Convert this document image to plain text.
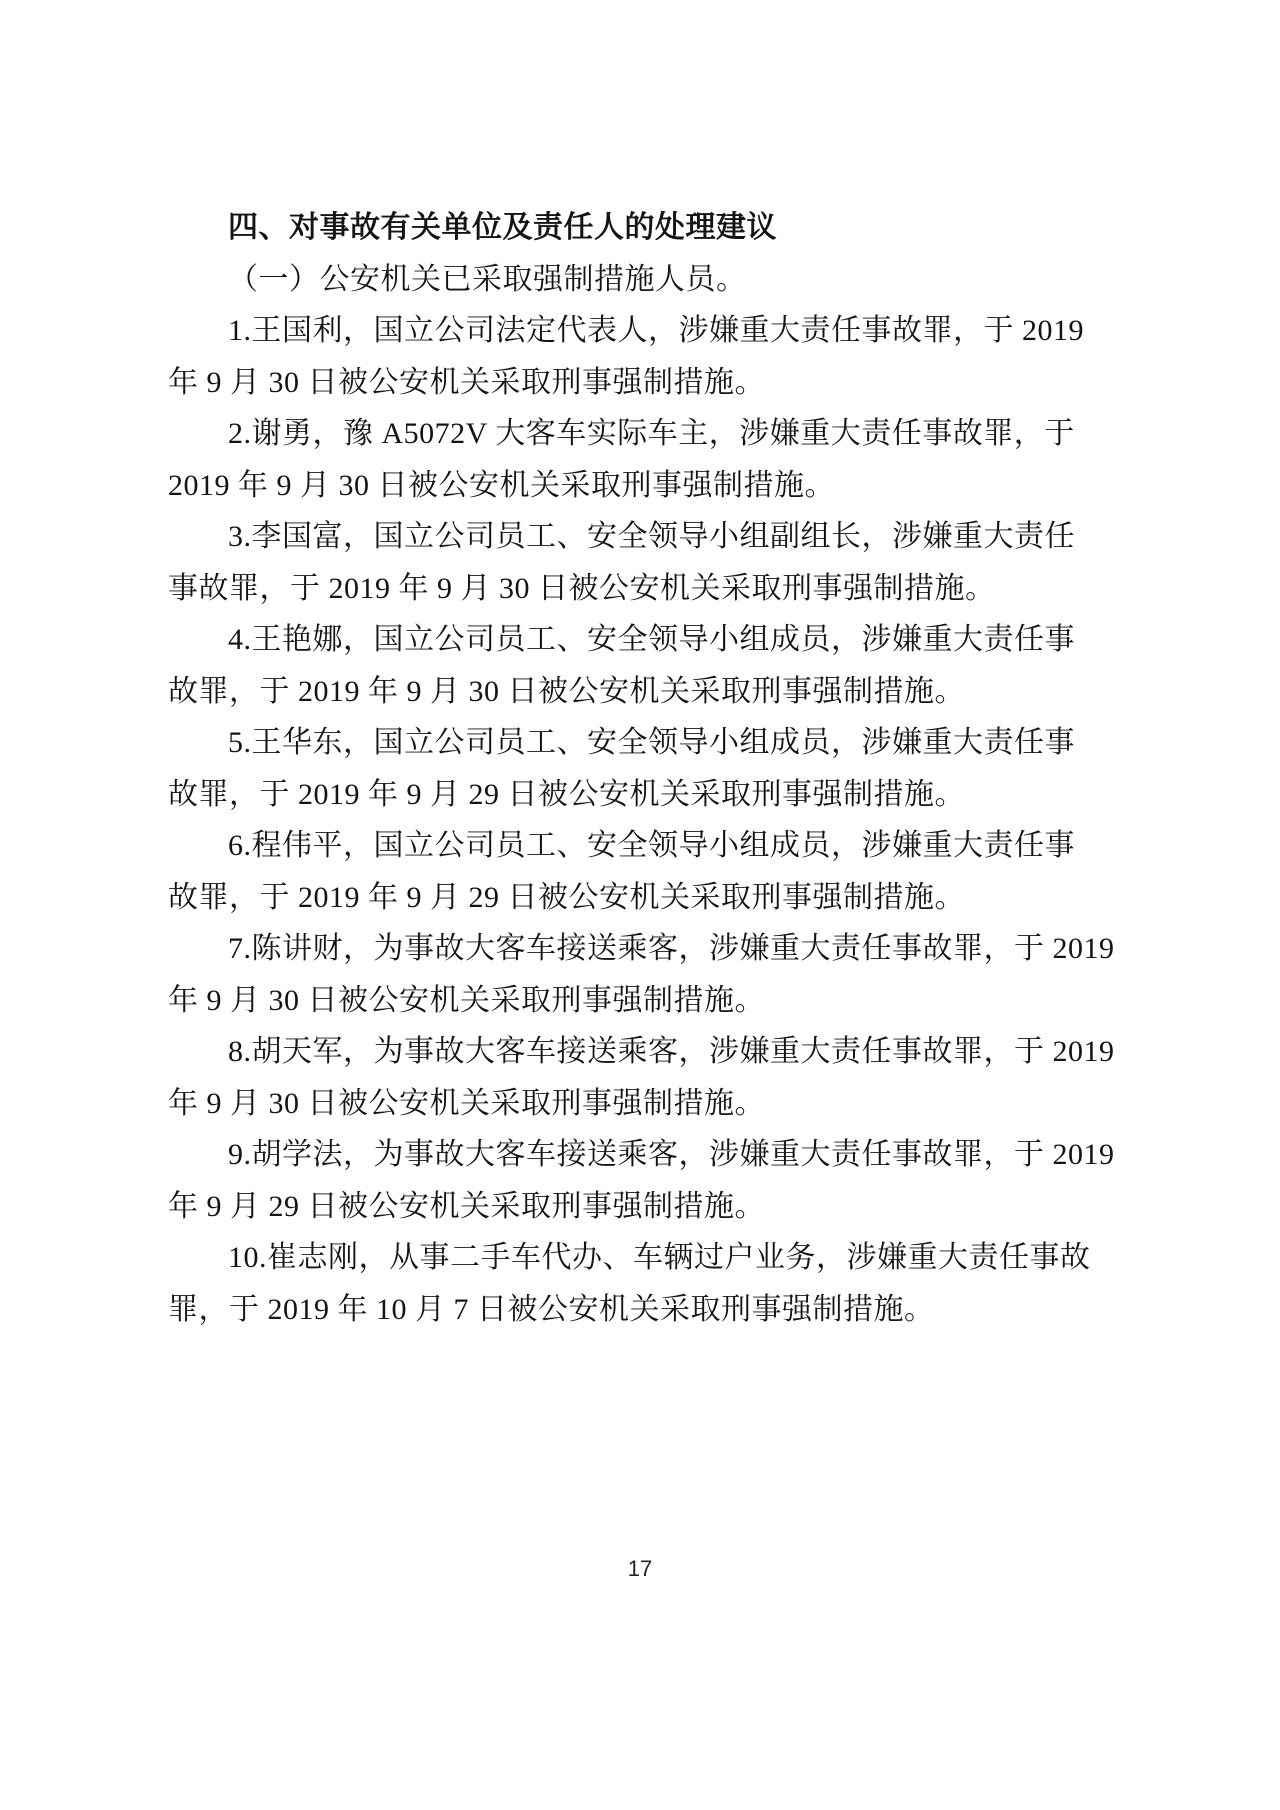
四、对事故有关单位及责任人的处理建议

（一）公安机关已采取强制措施人员。

1.王国利，国立公司法定代表人，涉嫌重大责任事故罪，于 2019
年 9 月 30 日被公安机关采取刑事强制措施。

2.谢勇，豫 A5072V 大客车实际车主，涉嫌重大责任事故罪，于
2019 年 9 月 30 日被公安机关采取刑事强制措施。

3.李国富，国立公司员工、安全领导小组副组长，涉嫌重大责任
事故罪，于 2019 年 9 月 30 日被公安机关采取刑事强制措施。

4.王艳娜，国立公司员工、安全领导小组成员，涉嫌重大责任事
故罪，于 2019 年 9 月 30 日被公安机关采取刑事强制措施。

5.王华东，国立公司员工、安全领导小组成员，涉嫌重大责任事
故罪，于 2019 年 9 月 29 日被公安机关采取刑事强制措施。

6.程伟平，国立公司员工、安全领导小组成员，涉嫌重大责任事
故罪，于 2019 年 9 月 29 日被公安机关采取刑事强制措施。

7.陈讲财，为事故大客车接送乘客，涉嫌重大责任事故罪，于 2019
年 9 月 30 日被公安机关采取刑事强制措施。

8.胡天军，为事故大客车接送乘客，涉嫌重大责任事故罪，于 2019
年 9 月 30 日被公安机关采取刑事强制措施。

9.胡学法，为事故大客车接送乘客，涉嫌重大责任事故罪，于 2019
年 9 月 29 日被公安机关采取刑事强制措施。

10.崔志刚，从事二手车代办、车辆过户业务，涉嫌重大责任事故
罪，于 2019 年 10 月 7 日被公安机关采取刑事强制措施。

17
